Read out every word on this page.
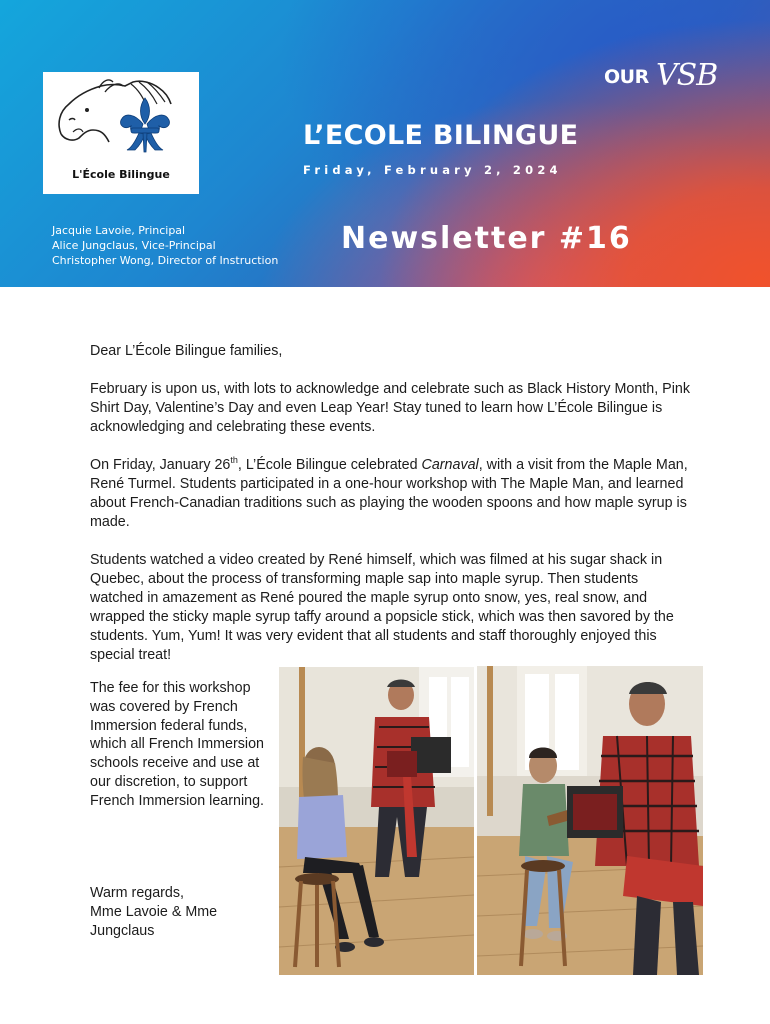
L'École Bilingue
OUR VSB
L’ECOLE BILINGUE
Friday, February 2, 2024
Jacquie Lavoie, Principal
Alice Jungclaus, Vice-Principal
Christopher Wong, Director of Instruction
Newsletter #16

Dear L’École Bilingue families,

February is upon us, with lots to acknowledge and celebrate such as Black History Month, Pink Shirt Day, Valentine’s Day and even Leap Year! Stay tuned to learn how L’École Bilingue is acknowledging and celebrating these events.

On Friday, January 26th, L’École Bilingue celebrated Carnaval, with a visit from the Maple Man, René Turmel. Students participated in a one-hour workshop with The Maple Man, and learned about French-Canadian traditions such as playing the wooden spoons and how maple syrup is made.

Students watched a video created by René himself, which was filmed at his sugar shack in Quebec, about the process of transforming maple sap into maple syrup. Then students watched in amazement as René poured the maple syrup onto snow, yes, real snow, and wrapped the sticky maple syrup taffy around a popsicle stick, which was then savored by the students. Yum, Yum! It was very evident that all students and staff thoroughly enjoyed this special treat!

The fee for this workshop was covered by French Immersion federal funds, which all French Immersion schools receive and use at our discretion, to support French Immersion learning.
Warm regards,
Mme Lavoie & Mme Jungclaus
